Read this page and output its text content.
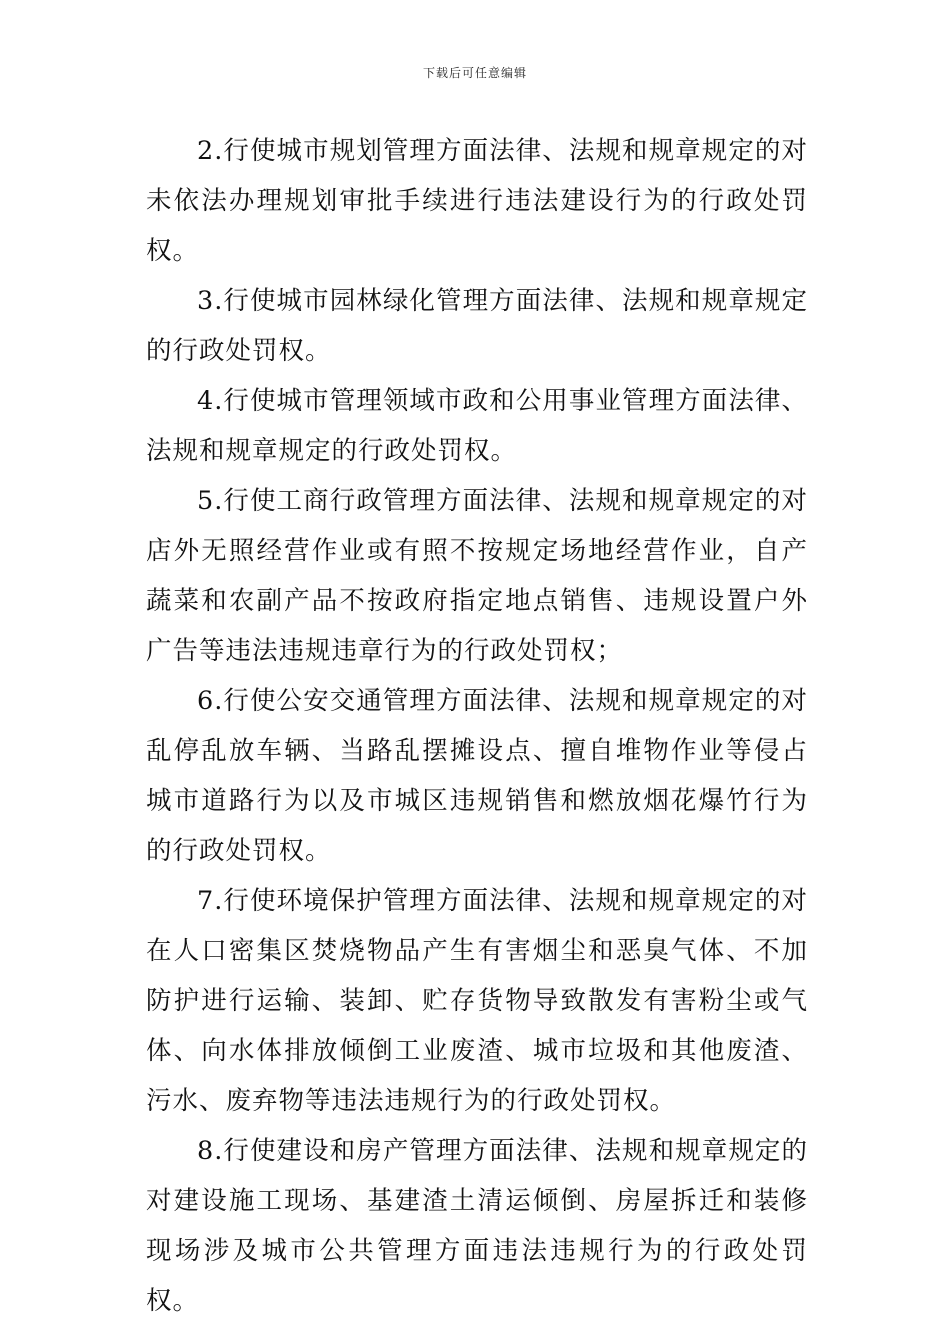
下载后可任意编辑

2.行使城市规划管理方面法律、法规和规章规定的对未依法办理规划审批手续进行违法建设行为的行政处罚权。

3.行使城市园林绿化管理方面法律、法规和规章规定的行政处罚权。

4.行使城市管理领域市政和公用事业管理方面法律、法规和规章规定的行政处罚权。

5.行使工商行政管理方面法律、法规和规章规定的对店外无照经营作业或有照不按规定场地经营作业，自产蔬菜和农副产品不按政府指定地点销售、违规设置户外广告等违法违规违章行为的行政处罚权；

6.行使公安交通管理方面法律、法规和规章规定的对乱停乱放车辆、当路乱摆摊设点、擅自堆物作业等侵占城市道路行为以及市城区违规销售和燃放烟花爆竹行为的行政处罚权。

7.行使环境保护管理方面法律、法规和规章规定的对在人口密集区焚烧物品产生有害烟尘和恶臭气体、不加防护进行运输、装卸、贮存货物导致散发有害粉尘或气体、向水体排放倾倒工业废渣、城市垃圾和其他废渣、污水、废弃物等违法违规行为的行政处罚权。

8.行使建设和房产管理方面法律、法规和规章规定的对建设施工现场、基建渣土清运倾倒、房屋拆迁和装修现场涉及城市公共管理方面违法违规行为的行政处罚权。
